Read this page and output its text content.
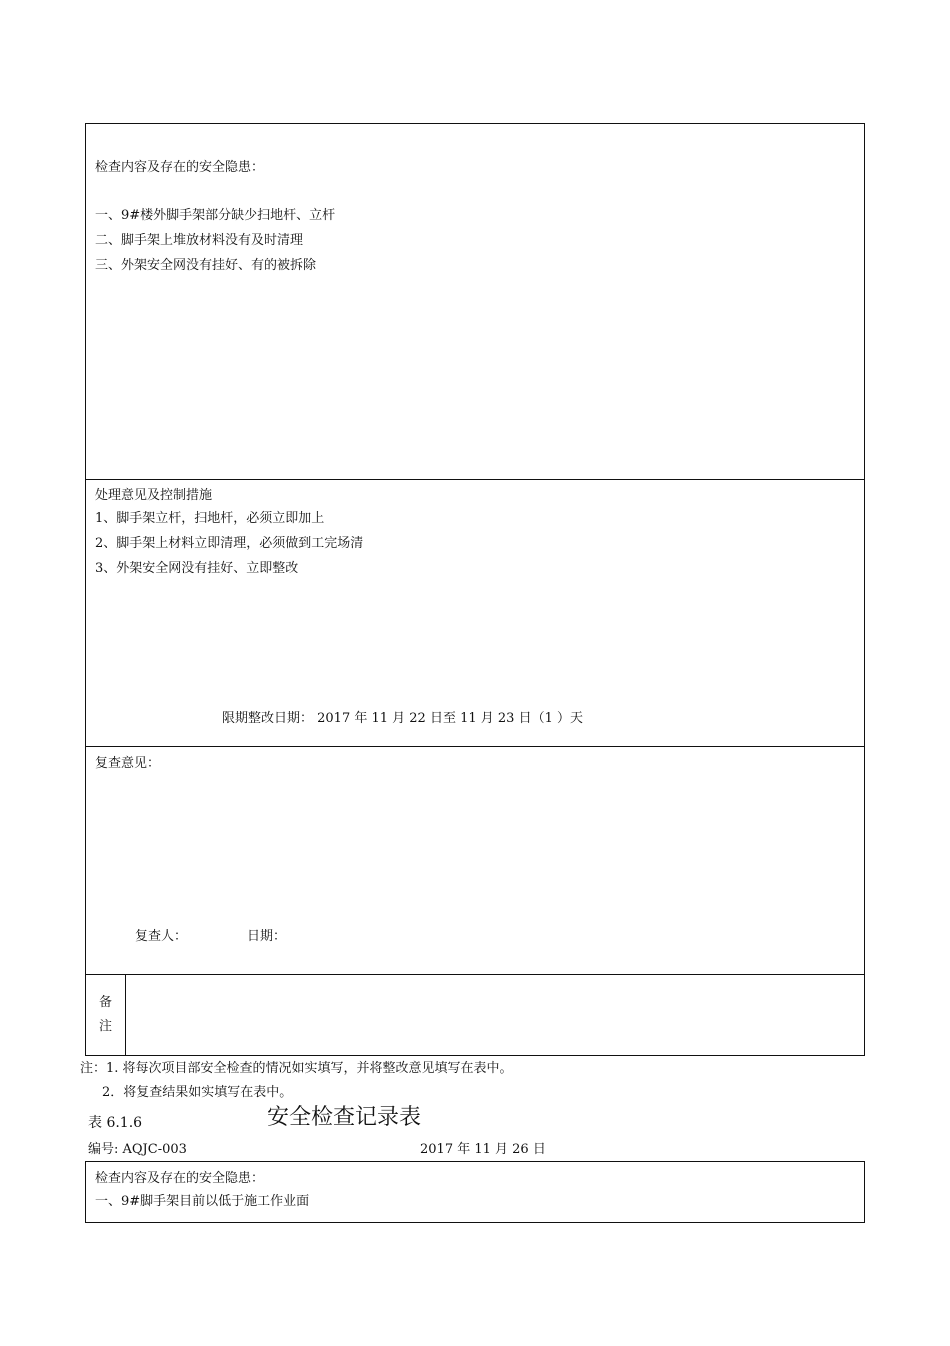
检查内容及存在的安全隐患：
一、9#楼外脚手架部分缺少扫地杆、立杆
二、脚手架上堆放材料没有及时清理
三、外架安全网没有挂好、有的被拆除
处理意见及控制措施
1、脚手架立杆，扫地杆，必须立即加上
2、脚手架上材料立即清理，必须做到工完场清
3、外架安全网没有挂好、立即整改
限期整改日期： 2017 年 11 月 22 日至 11 月 23 日（1 ）天
复查意见：
复查人：	日期：
备
注
注：1. 将每次项目部安全检查的情况如实填写，并将整改意见填写在表中。
2．将复查结果如实填写在表中。
表 6.1.6	安全检查记录表
编号: AQJC-003	2017 年 11 月 26 日
检查内容及存在的安全隐患：
一、9#脚手架目前以低于施工作业面
